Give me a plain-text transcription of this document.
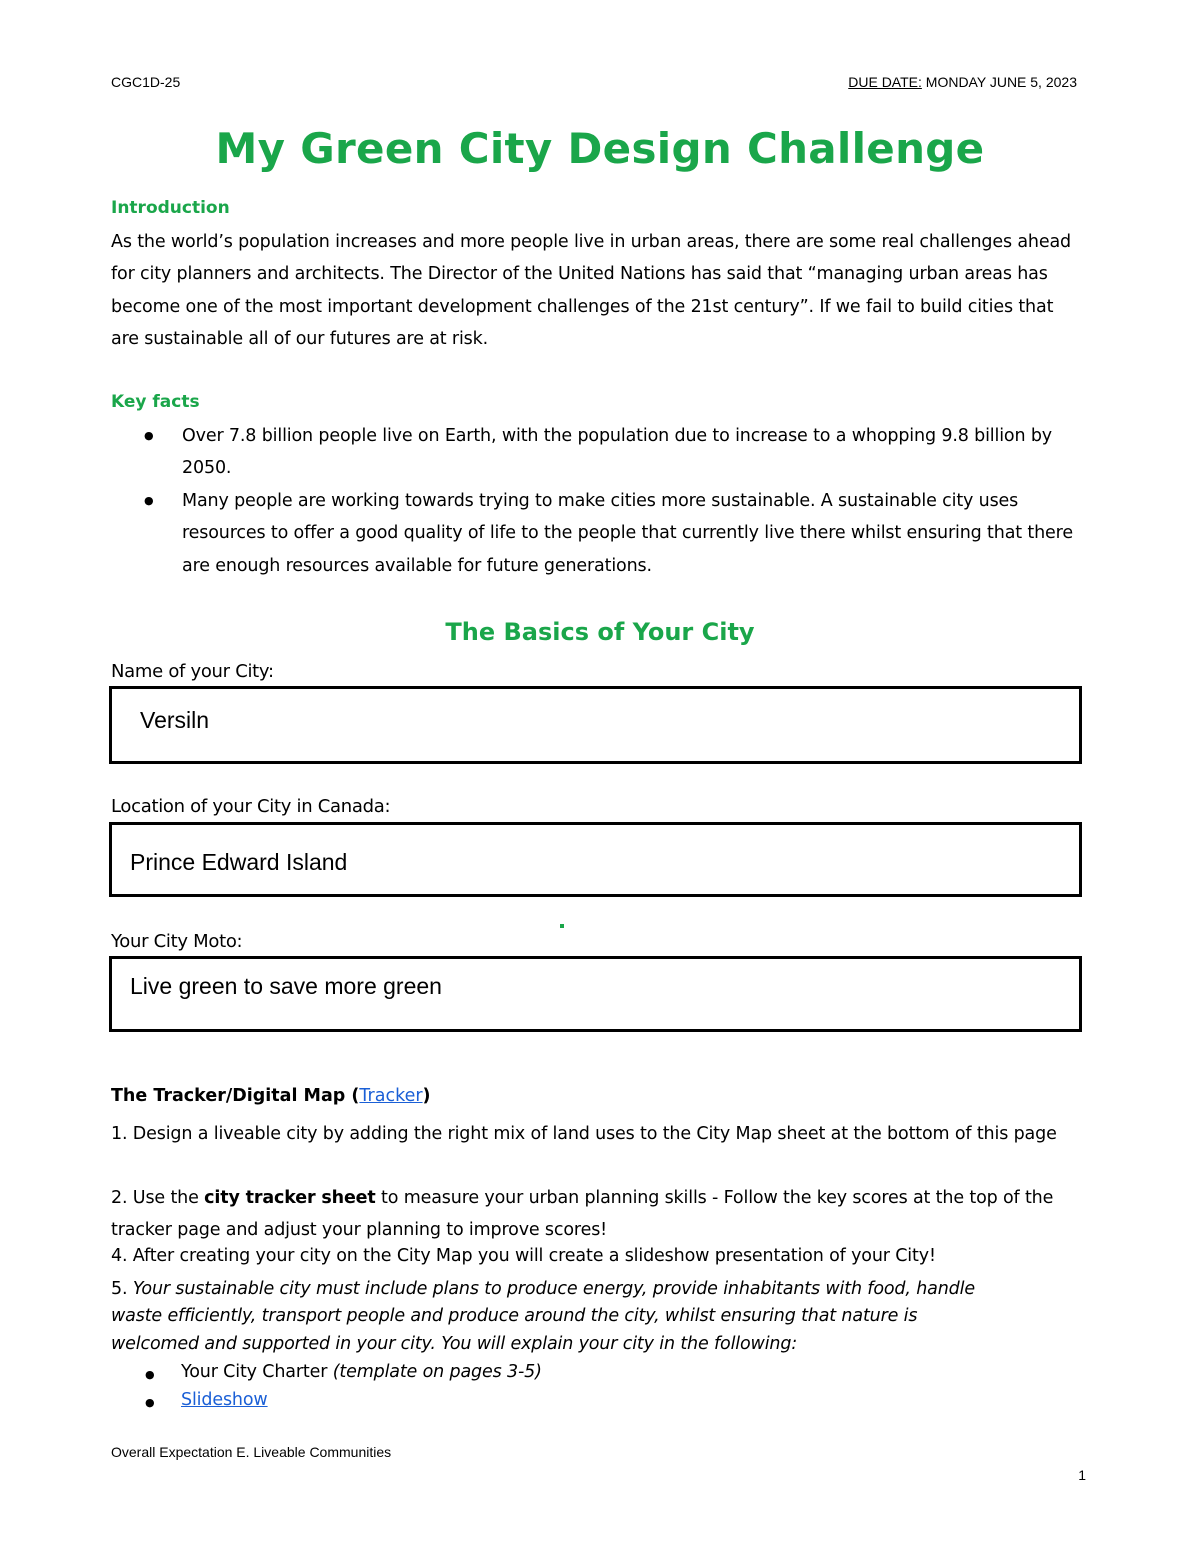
CGC1D-25	DUE DATE: MONDAY JUNE 5, 2023
My Green City Design Challenge
Introduction

As the world’s population increases and more people live in urban areas, there are some real challenges ahead for city planners and architects. The Director of the United Nations has said that “managing urban areas has become one of the most important development challenges of the 21st century”. If we fail to build cities that are sustainable all of our futures are at risk.

Key facts
● Over 7.8 billion people live on Earth, with the population due to increase to a whopping 9.8 billion by 2050.
● Many people are working towards trying to make cities more sustainable. A sustainable city uses resources to offer a good quality of life to the people that currently live there whilst ensuring that there are enough resources available for future generations.
The Basics of Your City
Name of your City:
Versiln
Location of your City in Canada:
Prince Edward Island
Your City Moto:
Live green to save more green
The Tracker/Digital Map (Tracker)
1. Design a liveable city by adding the right mix of land uses to the City Map sheet at the bottom of this page
2. Use the city tracker sheet to measure your urban planning skills - Follow the key scores at the top of the tracker page and adjust your planning to improve scores!
4. After creating your city on the City Map you will create a slideshow presentation of your City!
5. Your sustainable city must include plans to produce energy, provide inhabitants with food, handle
waste efficiently, transport people and produce around the city, whilst ensuring that nature is
welcomed and supported in your city. You will explain your city in the following:
● Your City Charter (template on pages 3-5)
● Slideshow
Overall Expectation E. Liveable Communities
1
